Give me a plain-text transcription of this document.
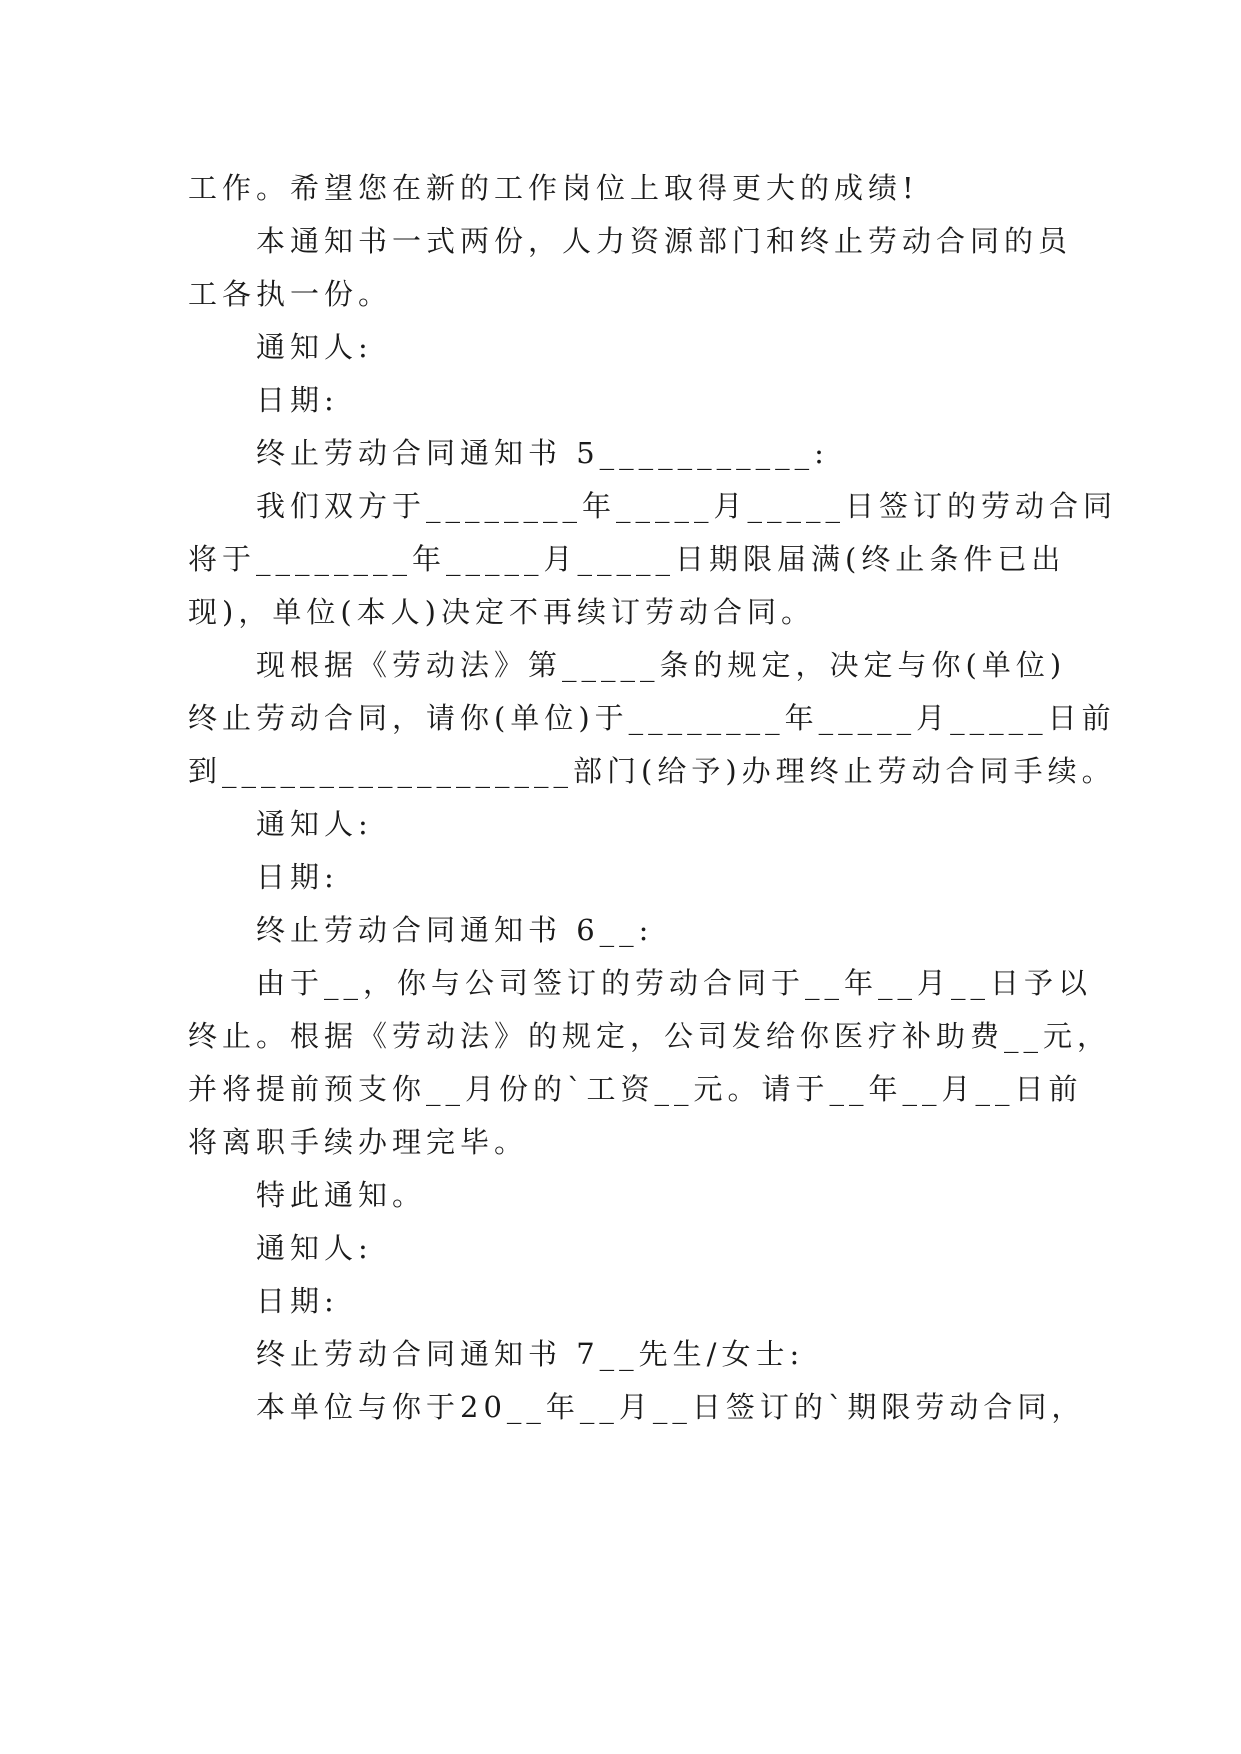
工作。希望您在新的工作岗位上取得更大的成绩!
本通知书一式两份，人力资源部门和终止劳动合同的员
工各执一份。
通知人:
日期:
终止劳动合同通知书 5___________:
我们双方于________年_____月_____日签订的劳动合同
将于________年_____月_____日期限届满(终止条件已出
现)，单位(本人)决定不再续订劳动合同。
现根据《劳动法》第_____条的规定，决定与你(单位)
终止劳动合同，请你(单位)于________年_____月_____日前
到__________________部门(给予)办理终止劳动合同手续。
通知人:
日期:
终止劳动合同通知书 6__:
由于__，你与公司签订的劳动合同于__年__月__日予以
终止。根据《劳动法》的规定，公司发给你医疗补助费__元，
并将提前预支你__月份的`工资__元。请于__年__月__日前
将离职手续办理完毕。
特此通知。
通知人:
日期:
终止劳动合同通知书 7__先生/女士:
本单位与你于20__年__月__日签订的`期限劳动合同，
